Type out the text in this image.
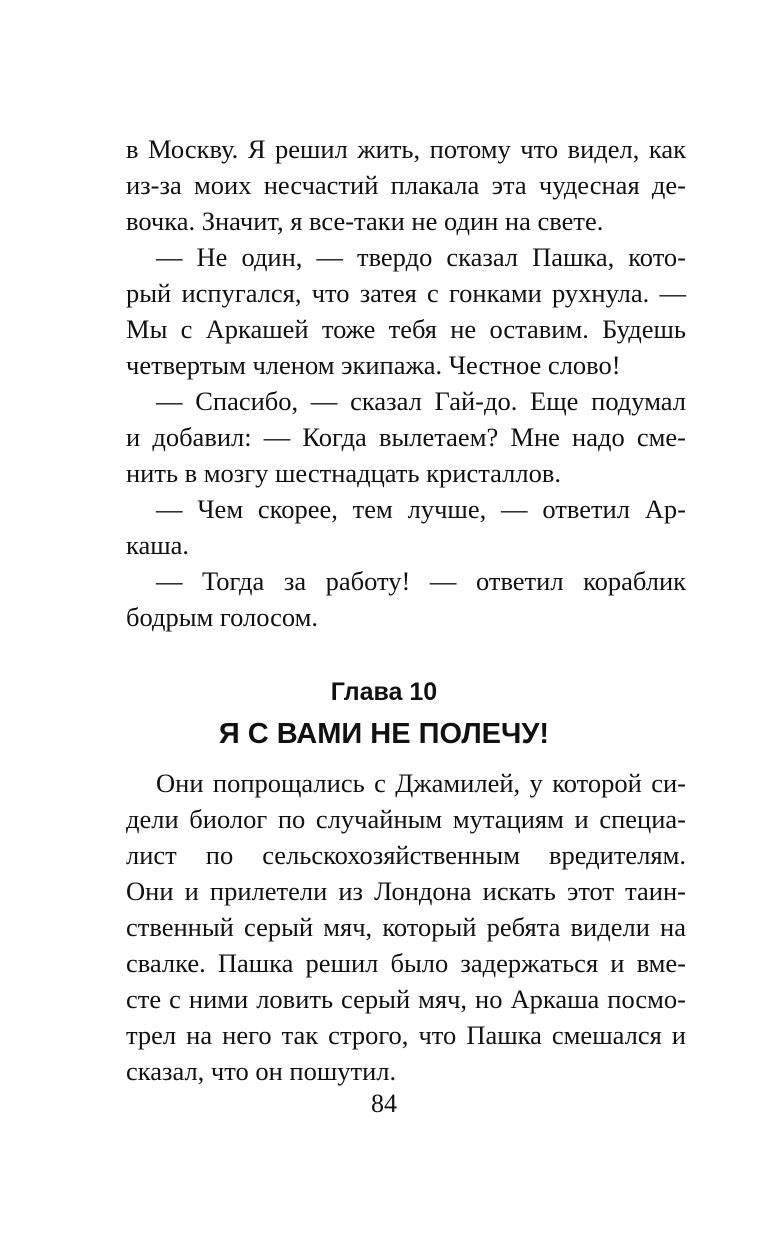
в Москву. Я решил жить, потому что видел, как
из-за моих несчастий плакала эта чудесная де-
вочка. Значит, я все-таки не один на свете.
— Не один, — твердо сказал Пашка, кото-
рый испугался, что затея с гонками рухнула. —
Мы с Аркашей тоже тебя не оставим. Будешь
четвертым членом экипажа. Честное слово!
— Спасибо, — сказал Гай-до. Еще подумал
и добавил: — Когда вылетаем? Мне надо сме-
нить в мозгу шестнадцать кристаллов.
— Чем скорее, тем лучше, — ответил Ар-
каша.
— Тогда за работу! — ответил кораблик
бодрым голосом.
Глава 10
Я С ВАМИ НЕ ПОЛЕЧУ!
Они попрощались с Джамилей, у которой си-
дели биолог по случайным мутациям и специа-
лист по сельскохозяйственным вредителям.
Они и прилетели из Лондона искать этот таин-
ственный серый мяч, который ребята видели на
свалке. Пашка решил было задержаться и вме-
сте с ними ловить серый мяч, но Аркаша посмо-
трел на него так строго, что Пашка смешался и
сказал, что он пошутил.
84
